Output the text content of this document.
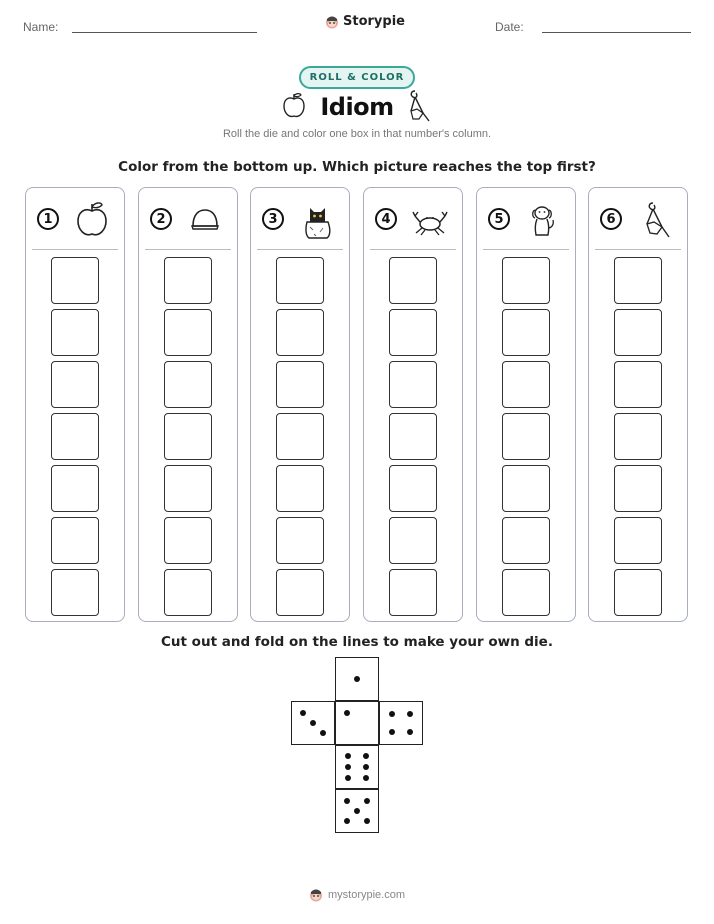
Name:	Storypie	Date:
ROLL & COLOR
Idiom
Roll the die and color one box in that number's column.
Color from the bottom up. Which picture reaches the top first?
1	2	3	4	5	6
Cut out and fold on the lines to make your own die.
mystorypie.com
